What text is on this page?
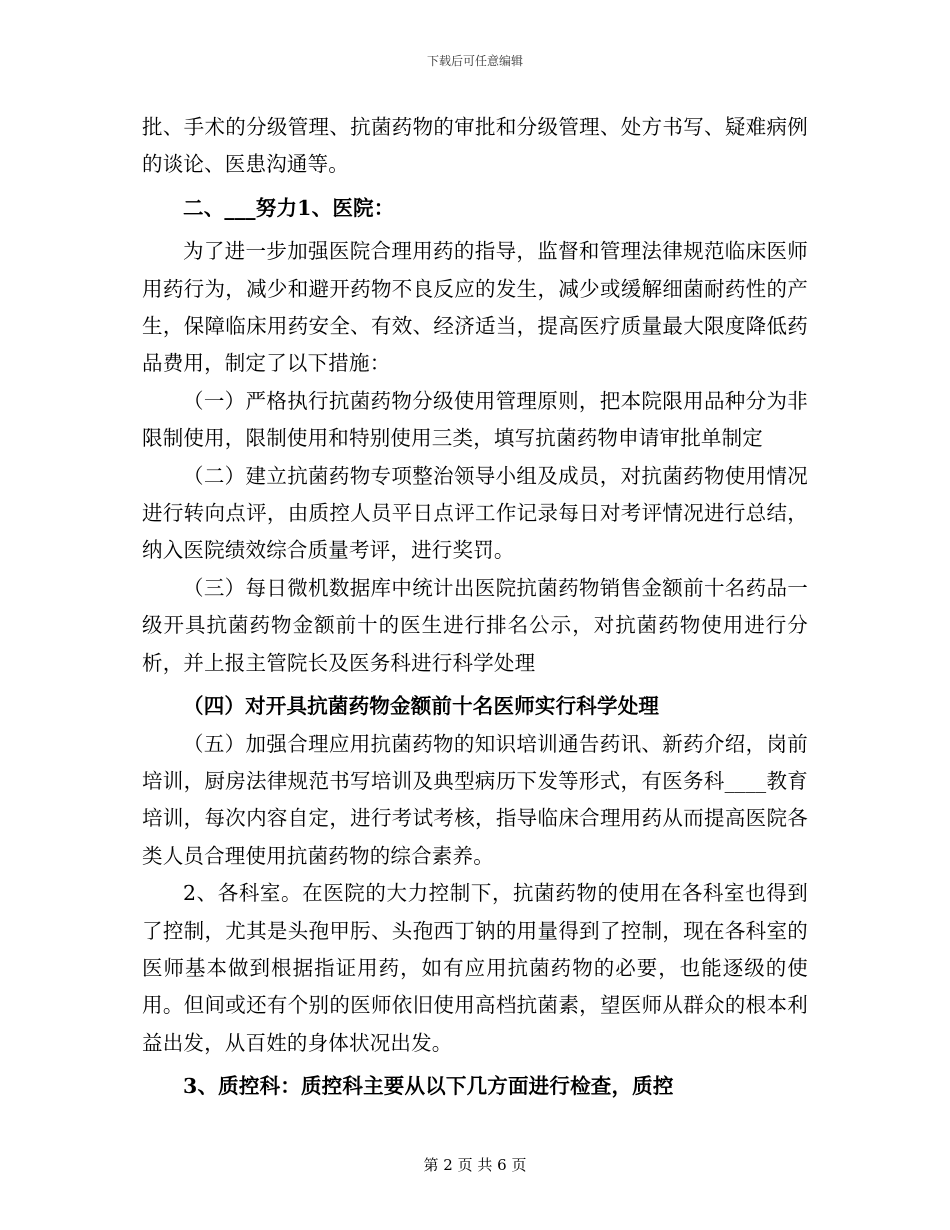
下载后可任意编辑

批、手术的分级管理、抗菌药物的审批和分级管理、处方书写、疑难病例的谈论、医患沟通等。

二、___努力1、医院：

为了进一步加强医院合理用药的指导，监督和管理法律规范临床医师用药行为，减少和避开药物不良反应的发生，减少或缓解细菌耐药性的产生，保障临床用药安全、有效、经济适当，提高医疗质量最大限度降低药品费用，制定了以下措施：

（一）严格执行抗菌药物分级使用管理原则，把本院限用品种分为非限制使用，限制使用和特别使用三类，填写抗菌药物申请审批单制定

（二）建立抗菌药物专项整治领导小组及成员，对抗菌药物使用情况进行转向点评，由质控人员平日点评工作记录每日对考评情况进行总结，纳入医院绩效综合质量考评，进行奖罚。

（三）每日微机数据库中统计出医院抗菌药物销售金额前十名药品一级开具抗菌药物金额前十的医生进行排名公示，对抗菌药物使用进行分析，并上报主管院长及医务科进行科学处理

（四）对开具抗菌药物金额前十名医师实行科学处理

（五）加强合理应用抗菌药物的知识培训通告药讯、新药介绍，岗前培训，厨房法律规范书写培训及典型病历下发等形式，有医务科____教育培训，每次内容自定，进行考试考核，指导临床合理用药从而提高医院各类人员合理使用抗菌药物的综合素养。

2、各科室。在医院的大力控制下，抗菌药物的使用在各科室也得到了控制，尤其是头孢甲肟、头孢西丁钠的用量得到了控制，现在各科室的医师基本做到根据指证用药，如有应用抗菌药物的必要，也能逐级的使用。但间或还有个别的医师依旧使用高档抗菌素，望医师从群众的根本利益出发，从百姓的身体状况出发。

3、质控科：质控科主要从以下几方面进行检查，质控

第 2 页 共 6 页
